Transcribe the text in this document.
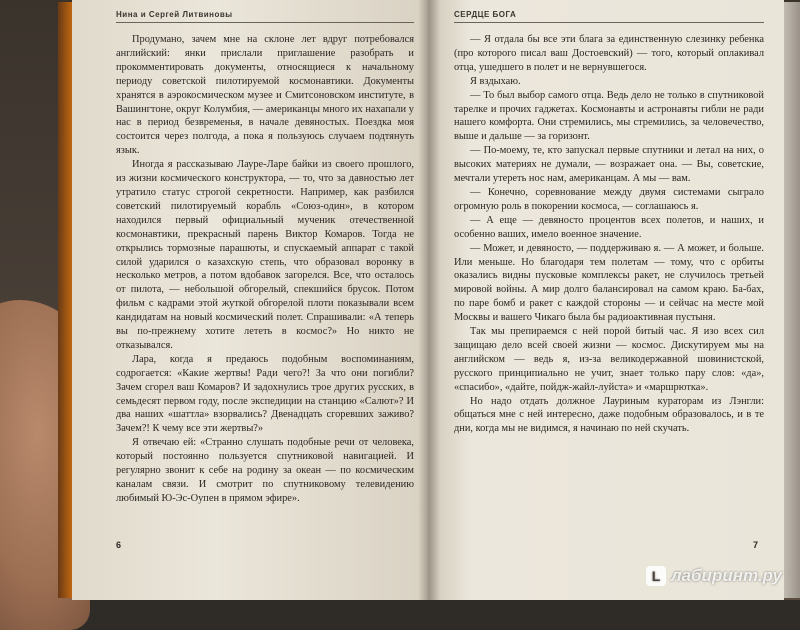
Нина и Сергей Литвиновы

Продумано, зачем мне на склоне лет вдруг потребовался английский: янки прислали приглашение разобрать и прокомментировать документы, относящиеся к начальному периоду советской пилотируемой космонавтики. Документы хранятся в аэрокосмическом музее и Смитсоновском институте, в Вашингтоне, округ Колумбия, — американцы много их нахапали у нас в период безвременья, в начале девяностых. Поездка моя состоится через полгода, а пока я пользуюсь случаем подтянуть язык.

Иногда я рассказываю Лауре-Ларе байки из своего прошлого, из жизни космического конструктора, — то, что за давностью лет утратило статус строгой секретности. Например, как разбился советский пилотируемый корабль «Союз-один», в котором находился первый официальный мученик отечественной космонавтики, прекрасный парень Виктор Комаров. Тогда не открылись тормозные парашюты, и спускаемый аппарат с такой силой ударился о казахскую степь, что образовал воронку в несколько метров, а потом вдобавок загорелся. Все, что осталось от пилота, — небольшой обгорелый, спекшийся брусок. Потом фильм с кадрами этой жуткой обгорелой плоти показывали всем кандидатам на новый космический полет. Спрашивали: «А теперь вы по-прежнему хотите лететь в космос?» Но никто не отказывался.

Лара, когда я предаюсь подобным воспоминаниям, содрогается: «Какие жертвы! Ради чего?! За что они погибли? Зачем сгорел ваш Комаров? И задохнулись трое других русских, в семьдесят первом году, после экспедиции на станцию «Салют»? И два наших «шаттла» взорвались? Двенадцать сгоревших заживо? Зачем?! К чему все эти жертвы?»

Я отвечаю ей: «Странно слушать подобные речи от человека, который постоянно пользуется спутниковой навигацией. И регулярно звонит к себе на родину за океан — по космическим каналам связи. И смотрит по спутниковому телевидению любимый Ю-Эс-Оупен в прямом эфире».

6
СЕРДЦЕ БОГА

— Я отдала бы все эти блага за единственную слезинку ребенка (про которого писал ваш Достоевский) — того, который оплакивал отца, ушедшего в полет и не вернувшегося.

Я вздыхаю.

— То был выбор самого отца. Ведь дело не только в спутниковой тарелке и прочих гаджетах. Космонавты и астронавты гибли не ради нашего комфорта. Они стремились, мы стремились, за человечество, выше и дальше — за горизонт.

— По-моему, те, кто запускал первые спутники и летал на них, о высоких материях не думали, — возражает она. — Вы, советские, мечтали утереть нос нам, американцам. А мы — вам.

— Конечно, соревнование между двумя системами сыграло огромную роль в покорении космоса, — соглашаюсь я.

— А еще — девяносто процентов всех полетов, и наших, и особенно ваших, имело военное значение.

— Может, и девяносто, — поддерживаю я. — А может, и больше. Или меньше. Но благодаря тем полетам — тому, что с орбиты оказались видны пусковые комплексы ракет, не случилось третьей мировой войны. А мир долго балансировал на самом краю. Ба-бах, по паре бомб и ракет с каждой стороны — и сейчас на месте мой Москвы и вашего Чикаго была бы радиоактивная пустыня.

Так мы препираемся с ней порой битый час. Я изо всех сил защищаю дело всей своей жизни — космос. Дискутируем мы на английском — ведь я, из-за великодержавной шовинистской, русского принципиально не учит, знает только пару слов: «да», «спасибо», «дайте, пойдж-жайл-луйста» и «маршрютка».

Но надо отдать должное Лауриным кураторам из Лэнгли: общаться мне с ней интересно, даже подобным образовалось, и в те дни, когда мы не видимся, я начинаю по ней скучать.

7
L лабиринт.ру
